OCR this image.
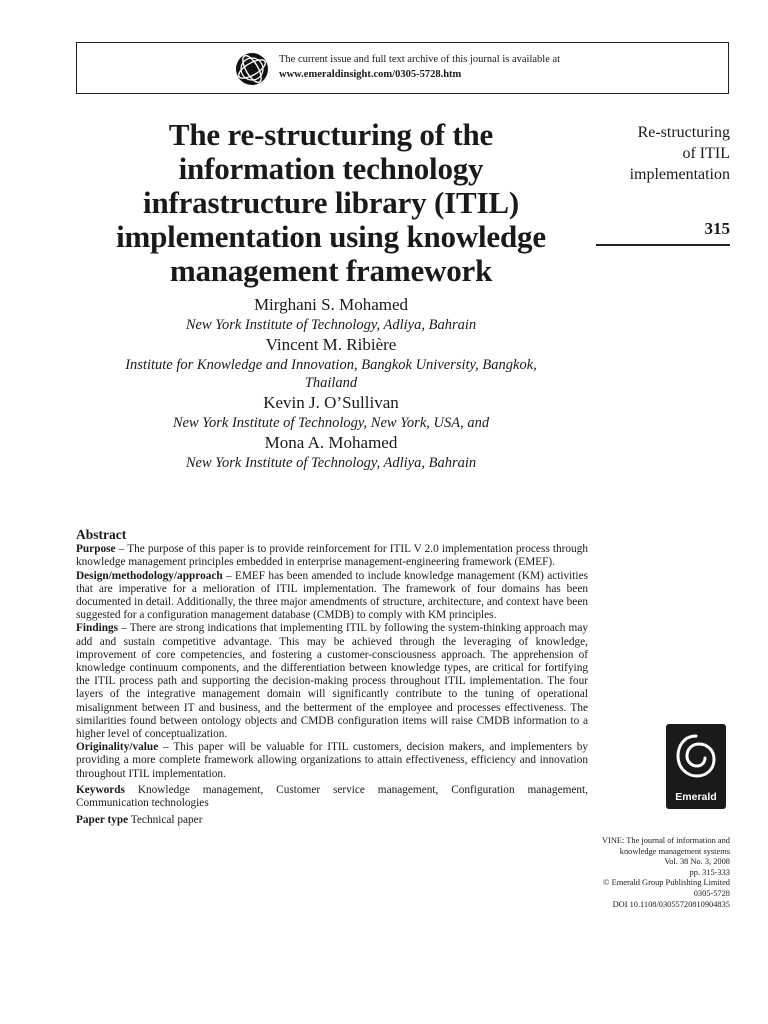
The current issue and full text archive of this journal is available at
www.emeraldinsight.com/0305-5728.htm
The re-structuring of the
information technology
infrastructure library (ITIL)
implementation using knowledge
management framework
Re-structuring
of ITIL
implementation
315
Mirghani S. Mohamed
New York Institute of Technology, Adliya, Bahrain
Vincent M. Ribière
Institute for Knowledge and Innovation, Bangkok University, Bangkok,
Thailand
Kevin J. O’Sullivan
New York Institute of Technology, New York, USA, and
Mona A. Mohamed
New York Institute of Technology, Adliya, Bahrain
Abstract

Purpose – The purpose of this paper is to provide reinforcement for ITIL V 2.0 implementation process through knowledge management principles embedded in enterprise management-engineering framework (EMEF).

Design/methodology/approach – EMEF has been amended to include knowledge management (KM) activities that are imperative for a melioration of ITIL implementation. The framework of four domains has been documented in detail. Additionally, the three major amendments of structure, architecture, and context have been suggested for a configuration management database (CMDB) to comply with KM principles.

Findings – There are strong indications that implementing ITIL by following the system-thinking approach may add and sustain competitive advantage. This may be achieved through the leveraging of knowledge, improvement of core competencies, and fostering a customer-consciousness approach. The apprehension of knowledge continuum components, and the differentiation between knowledge types, are critical for fortifying the ITIL process path and supporting the decision-making process throughout ITIL implementation. The four layers of the integrative management domain will significantly contribute to the tuning of operational misalignment between IT and business, and the betterment of the employee and processes effectiveness. The similarities found between ontology objects and CMDB configuration items will raise CMDB information to a higher level of conceptualization.

Originality/value – This paper will be valuable for ITIL customers, decision makers, and implementers by providing a more complete framework allowing organizations to attain effectiveness, efficiency and innovation throughout ITIL implementation.

Keywords Knowledge management, Customer service management, Configuration management, Communication technologies

Paper type Technical paper

Emerald
VINE: The journal of information and
knowledge management systems
Vol. 38 No. 3, 2008
pp. 315-333
© Emerald Group Publishing Limited
0305-5728
DOI 10.1108/03055720810904835
